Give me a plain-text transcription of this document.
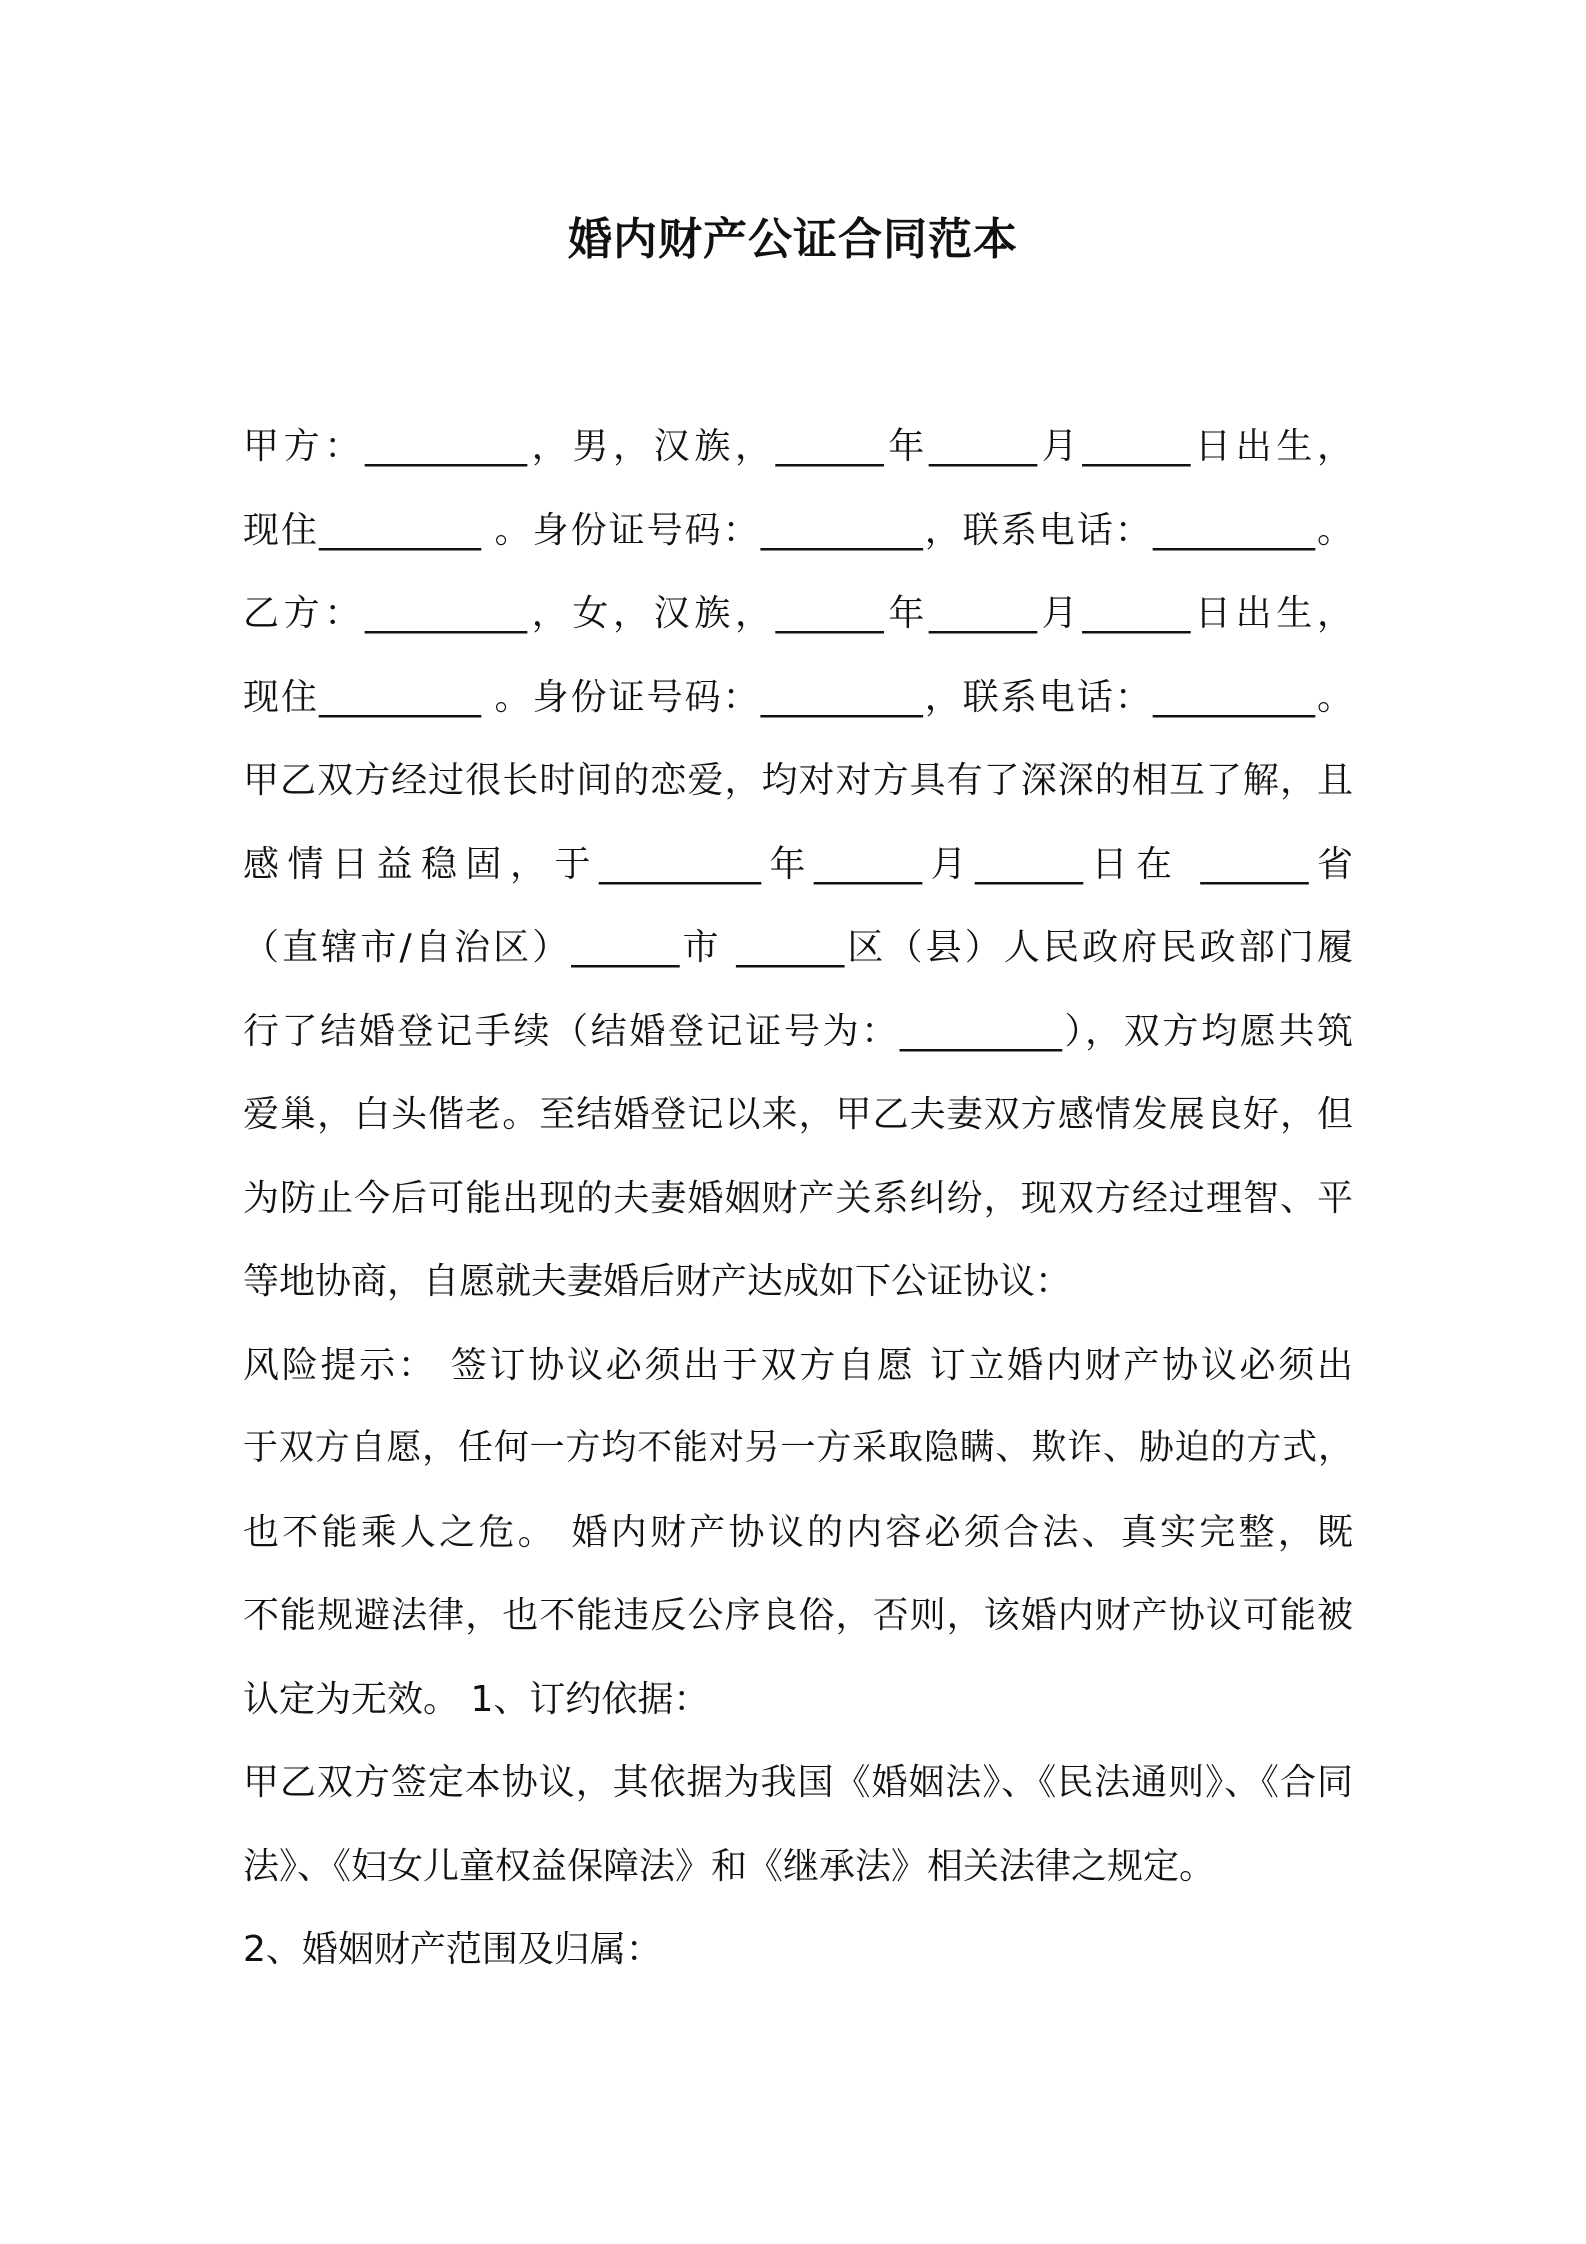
婚内财产公证合同范本
甲方：_________，男，汉族，______年______月______日出生，
现住_________ 。身份证号码：_________，联系电话：_________。
乙方：_________，女，汉族，______年______月______日出生，
现住_________ 。身份证号码：_________，联系电话：_________。
甲乙双方经过很长时间的恋爱，均对对方具有了深深的相互了解，且
感情日益稳固，于_________年______月______日在 ______省
（直辖市/自治区）______市 ______区（县）人民政府民政部门履
行了结婚登记手续（结婚登记证号为：_________），双方均愿共筑
爱巢，白头偕老。至结婚登记以来，甲乙夫妻双方感情发展良好，但
为防止今后可能出现的夫妻婚姻财产关系纠纷，现双方经过理智、平
等地协商，自愿就夫妻婚后财产达成如下公证协议：
风险提示： 签订协议必须出于双方自愿 订立婚内财产协议必须出
于双方自愿，任何一方均不能对另一方采取隐瞒、欺诈、胁迫的方式，
也不能乘人之危。 婚内财产协议的内容必须合法、真实完整，既
不能规避法律，也不能违反公序良俗，否则，该婚内财产协议可能被
认定为无效。 1、订约依据：
甲乙双方签定本协议，其依据为我国《婚姻法》、《民法通则》、《合同
法》、《妇女儿童权益保障法》和《继承法》相关法律之规定。
2、婚姻财产范围及归属：
